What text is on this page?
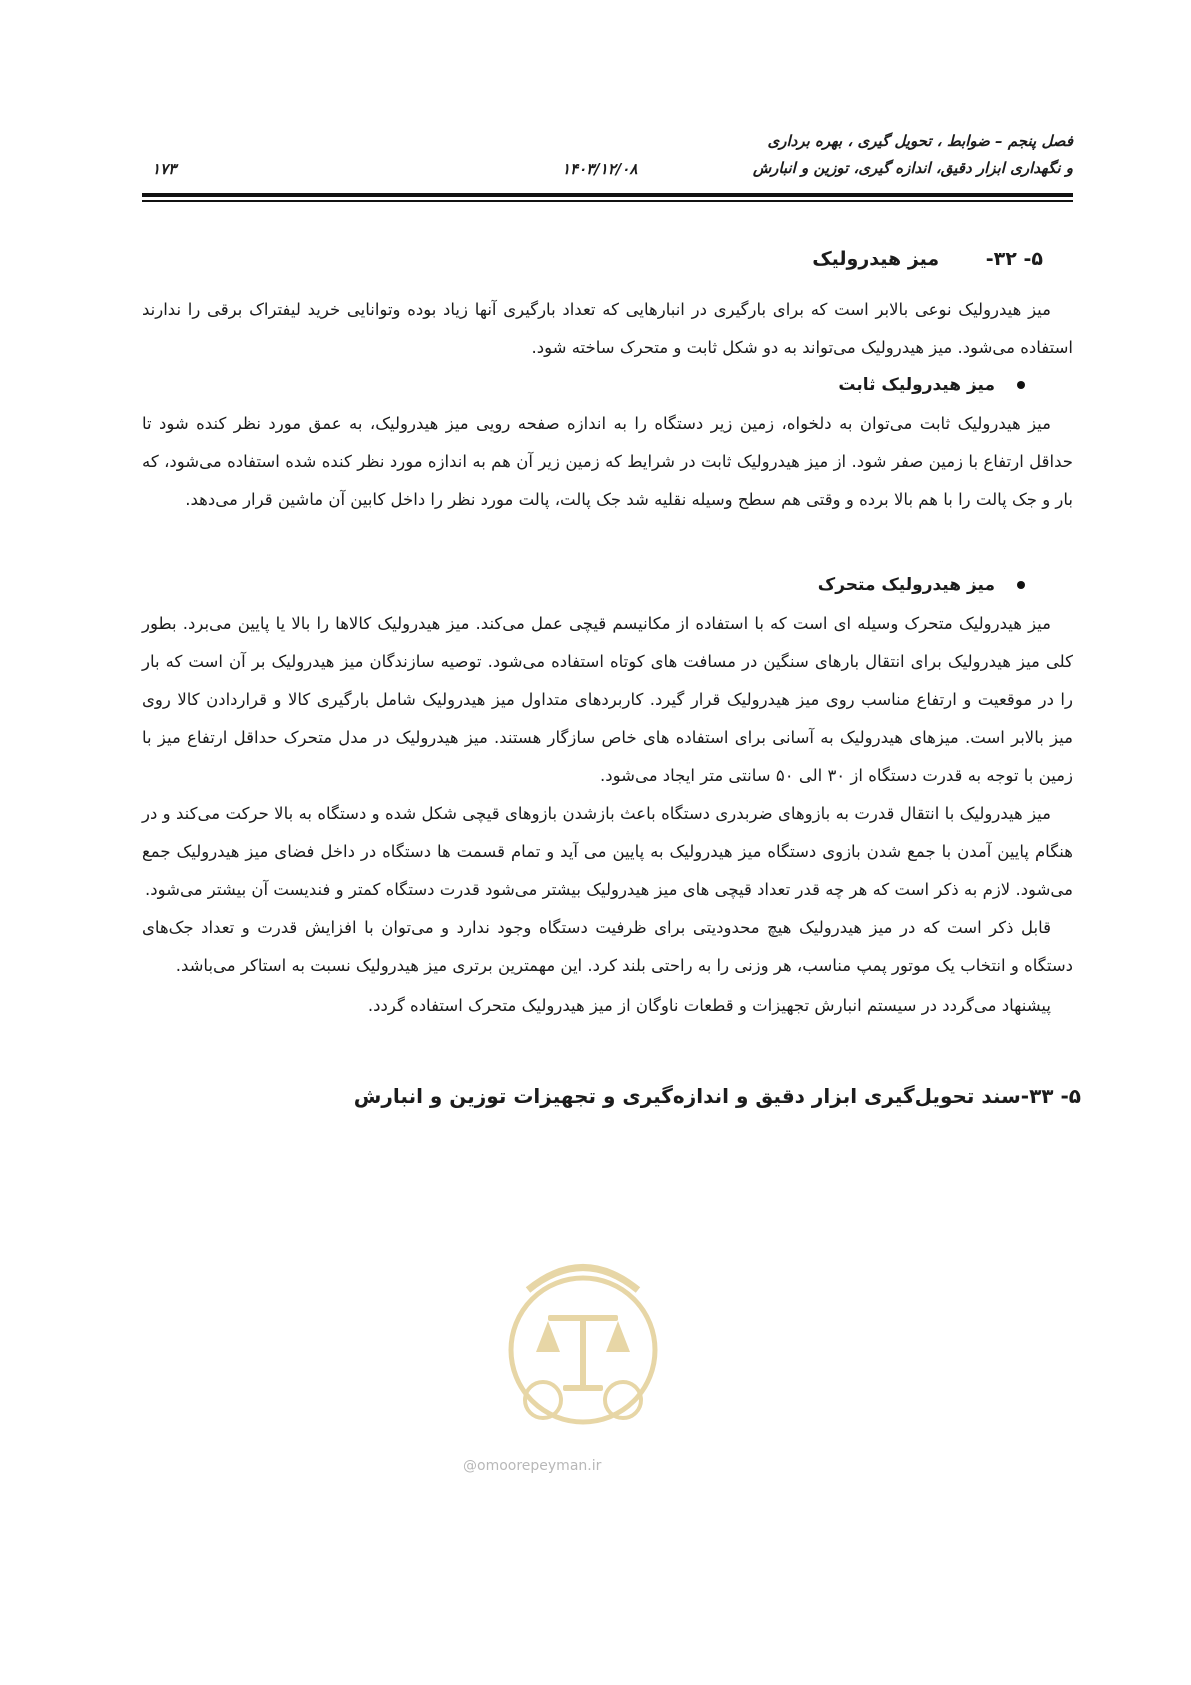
فصل پنجم – ضوابط ، تحویل گیری ، بهره برداری
و نگهداری ابزار دقیق، اندازه گیری، توزین و انبارش
۱۴۰۳/۱۲/۰۸
۱۷۳
۵- ۳۲- میز هیدرولیک

میز هیدرولیک نوعی بالابر است که برای بارگیری در انبارهایی که تعداد بارگیری آنها زیاد بوده وتوانایی خرید لیفتراک برقی را ندارند استفاده می‌شود. میز هیدرولیک می‌تواند به دو شکل ثابت و متحرک ساخته شود.

میز هیدرولیک ثابت

میز هیدرولیک ثابت می‌توان به دلخواه، زمین زیر دستگاه را به اندازه صفحه رویی میز هیدرولیک، به عمق مورد نظر کنده شود تا حداقل ارتفاع با زمین صفر شود. از میز هیدرولیک ثابت در شرایط که زمین زیر آن هم به اندازه مورد نظر کنده شده استفاده می‌شود، که بار و جک پالت را با هم بالا برده و وقتی هم سطح وسیله نقلیه شد جک پالت، پالت مورد نظر را داخل کابین آن ماشین قرار می‌دهد.

میز هیدرولیک متحرک

میز هیدرولیک متحرک وسیله ای است که با استفاده از مکانیسم قیچی عمل می‌کند. میز هیدرولیک کالاها را بالا یا پایین می‌برد. بطور کلی میز هیدرولیک برای انتقال بارهای سنگین در مسافت های کوتاه استفاده می‌شود. توصیه سازندگان میز هیدرولیک بر آن است که بار را در موقعیت و ارتفاع مناسب روی میز هیدرولیک قرار گیرد. کاربردهای متداول میز هیدرولیک شامل بارگیری کالا و قراردادن کالا روی میز بالابر است. میزهای هیدرولیک به آسانی برای استفاده های خاص سازگار هستند. میز هیدرولیک در مدل متحرک حداقل ارتفاع میز با زمین با توجه به قدرت دستگاه از ۳۰ الی ۵۰ سانتی متر ایجاد می‌شود.

میز هیدرولیک با انتقال قدرت به بازوهای ضربدری دستگاه باعث بازشدن بازوهای قیچی شکل شده و دستگاه به بالا حرکت می‌کند و در هنگام پایین آمدن با جمع شدن بازوی دستگاه میز هیدرولیک به پایین می آید و تمام قسمت ها دستگاه در داخل فضای میز هیدرولیک جمع می‌شود. لازم به ذکر است که هر چه قدر تعداد قیچی های میز هیدرولیک بیشتر می‌شود قدرت دستگاه کمتر و فندیست آن بیشتر می‌شود.

قابل ذکر است که در میز هیدرولیک هیچ محدودیتی برای ظرفیت دستگاه وجود ندارد و می‌توان با افزایش قدرت و تعداد جک‌های دستگاه و انتخاب یک موتور پمپ مناسب، هر وزنی را به راحتی بلند کرد. این مهمترین برتری میز هیدرولیک نسبت به استاکر می‌باشد.

پیشنهاد می‌گردد در سیستم انبارش تجهیزات و قطعات ناوگان از میز هیدرولیک متحرک استفاده گردد.

۵- ۳۳-سند تحویل‌گیری ابزار دقیق و اندازه‌گیری و تجهیزات توزین و انبارش
@omoorepeyman.ir
